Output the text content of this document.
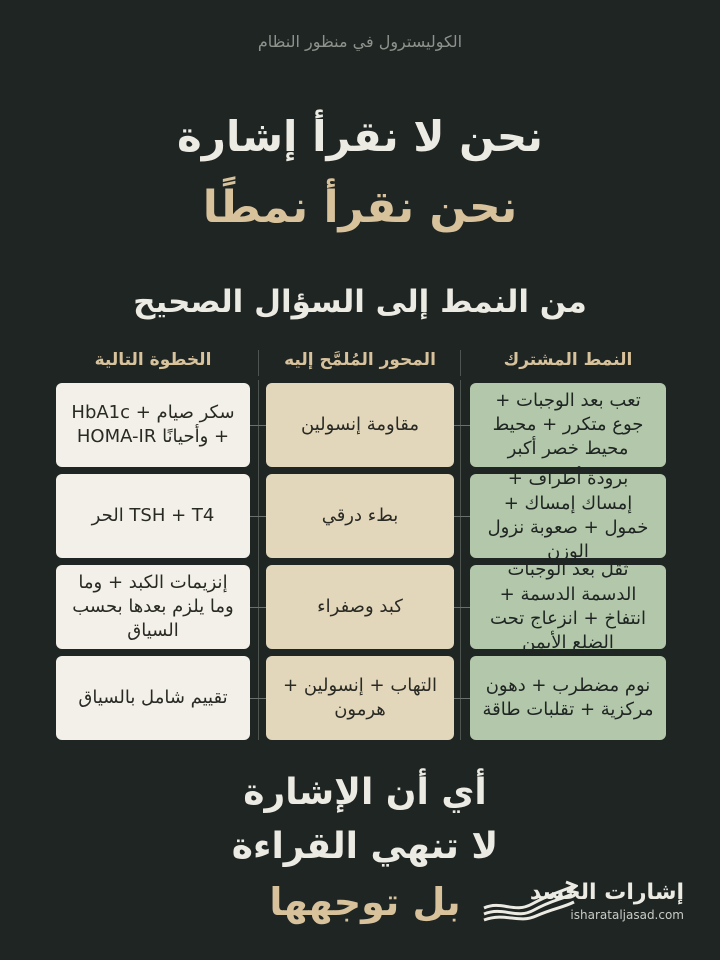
الكوليسترول في منظور النظام
نحن لا نقرأ إشارة
نحن نقرأ نمطًا
من النمط إلى السؤال الصحيح
النمط المشترك
المحور المُلمَّح إليه
الخطوة التالية
تعب بعد الوجبات + جوع متكرر + محيط محيط خصر أكبر
مقاومة إنسولين
سكر صيام + HbA1c + وأحيانًا HOMA-IR
برودة أطراف + إمساك إمساك + خمول + صعوبة نزول الوزن
بطء درقي
TSH + T4 الحر
ثقل بعد الوجبات الدسمة الدسمة + انتفاخ + انزعاج تحت الضلع الأيمن
كبد وصفراء
إنزيمات الكبد + وما وما يلزم بعدها بحسب السياق
نوم مضطرب + دهون مركزية + تقلبات طاقة
التهاب + إنسولين + هرمون
تقييم شامل بالسياق
أي أن الإشارة
لا تنهي القراءة
بل توجهها	إشارات الجسد
isharataljasad.com
